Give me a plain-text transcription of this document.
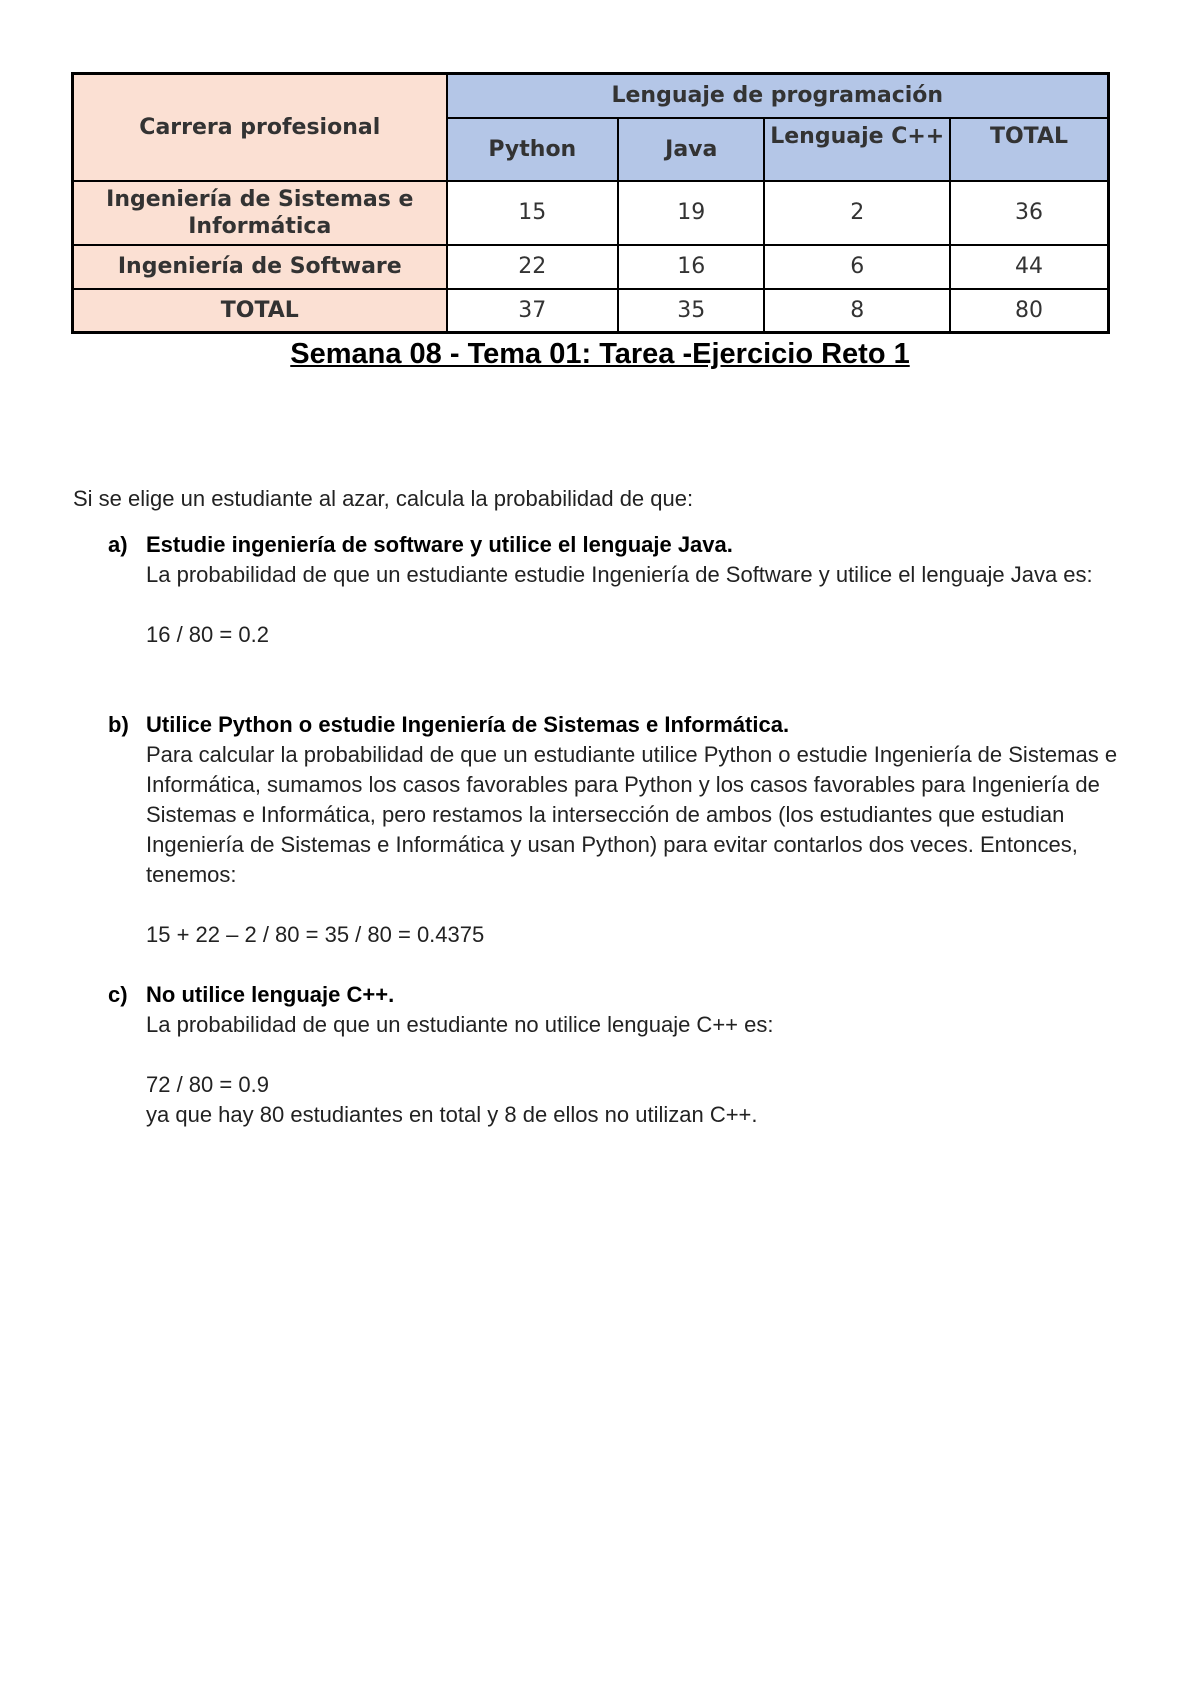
Carrera profesional	Lenguaje de programación			
	Python	Java	Lenguaje C++	TOTAL
Ingeniería de Sistemas e Informática	15	19	2	36
Ingeniería de Software	22	16	6	44
TOTAL	37	35	8	80
Semana 08 - Tema 01: Tarea -Ejercicio Reto 1

Si se elige un estudiante al azar, calcula la probabilidad de que:

a) Estudie ingeniería de software y utilice el lenguaje Java.

La probabilidad de que un estudiante estudie Ingeniería de Software y utilice el lenguaje Java es:

16 / 80 = 0.2

b) Utilice Python o estudie Ingeniería de Sistemas e Informática.

Para calcular la probabilidad de que un estudiante utilice Python o estudie Ingeniería de Sistemas e Informática, sumamos los casos favorables para Python y los casos favorables para Ingeniería de Sistemas e Informática, pero restamos la intersección de ambos (los estudiantes que estudian Ingeniería de Sistemas e Informática y usan Python) para evitar contarlos dos veces. Entonces, tenemos:

15 + 22 – 2 / 80 = 35 / 80 = 0.4375

c) No utilice lenguaje C++.

La probabilidad de que un estudiante no utilice lenguaje C++ es:

72 / 80 = 0.9

ya que hay 80 estudiantes en total y 8 de ellos no utilizan C++.
